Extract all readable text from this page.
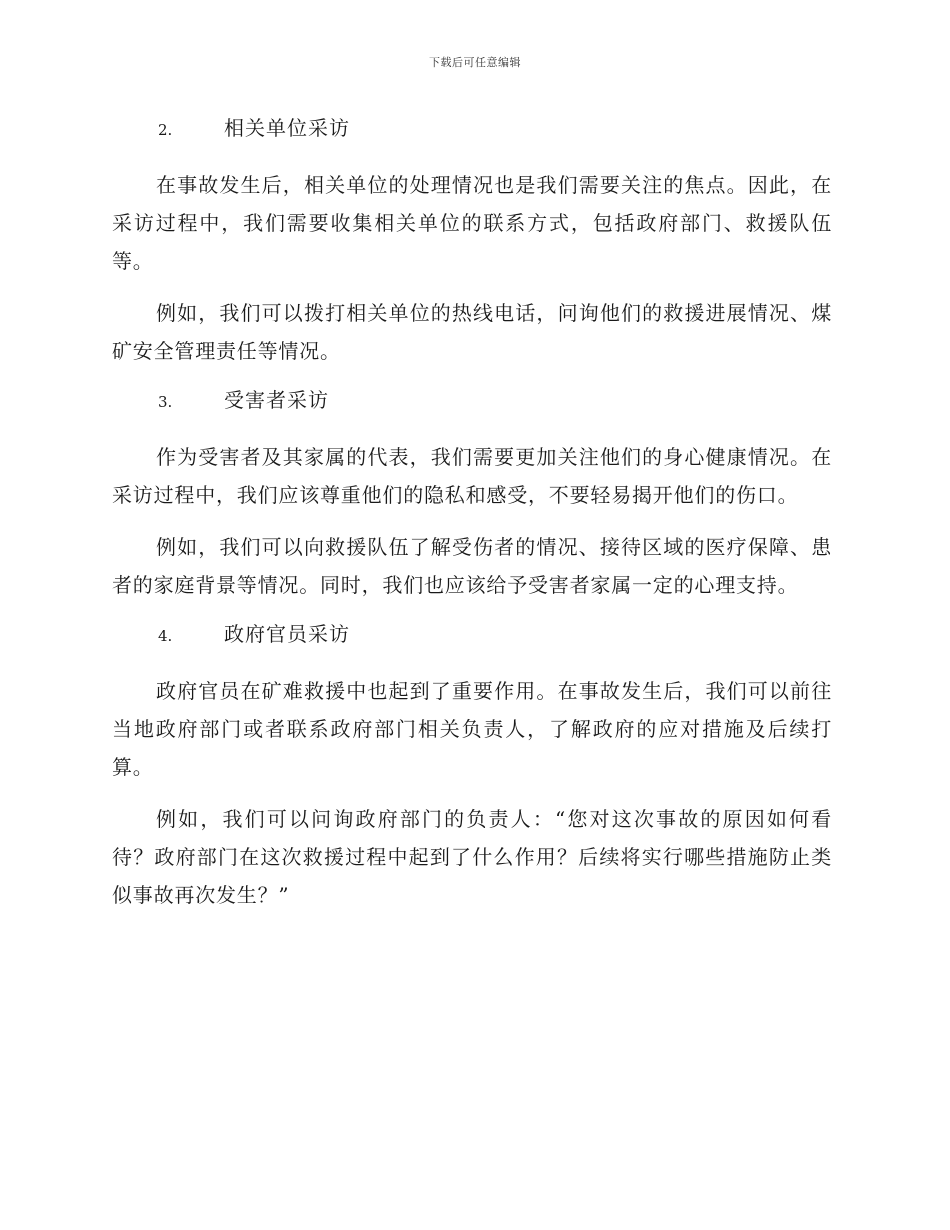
下载后可任意编辑
2.	相关单位采访

在事故发生后，相关单位的处理情况也是我们需要关注的焦点。因此，在采访过程中，我们需要收集相关单位的联系方式，包括政府部门、救援队伍等。

例如，我们可以拨打相关单位的热线电话，问询他们的救援进展情况、煤矿安全管理责任等情况。

3.	受害者采访

作为受害者及其家属的代表，我们需要更加关注他们的身心健康情况。在采访过程中，我们应该尊重他们的隐私和感受，不要轻易揭开他们的伤口。

例如，我们可以向救援队伍了解受伤者的情况、接待区域的医疗保障、患者的家庭背景等情况。同时，我们也应该给予受害者家属一定的心理支持。

4.	政府官员采访

政府官员在矿难救援中也起到了重要作用。在事故发生后，我们可以前往当地政府部门或者联系政府部门相关负责人，了解政府的应对措施及后续打算。

例如，我们可以问询政府部门的负责人：“您对这次事故的原因如何看待？政府部门在这次救援过程中起到了什么作用？后续将实行哪些措施防止类似事故再次发生？”
